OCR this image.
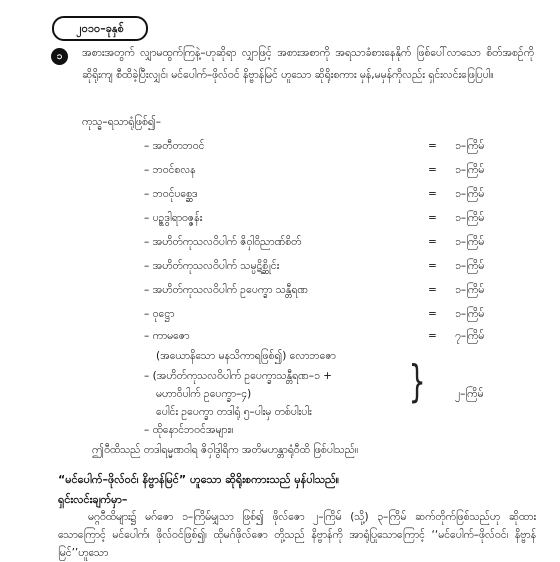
၂၀၁၀–ခုနှစ်
၁	အစားအတွက် လျှာမထွက်ကြနဲ့–ဟုဆိုရာ လျှာဖြင့် အစားအစာကို အရသာခံစားနေနိုက် ဖြစ်ပေါ်လာသော စိတ်အစဉ်ကို ဆိုရိုးကျ စီထိခဲ့ပြီးလျှင်၊ မင်ပေါက်–ဖိုလ်ဝင် နိဗ္ဗာန်မြင် ဟူသော ဆိုရိုးစကား မှန်,မမှန်ကိုလည်း ရှင်းလင်းဖြေပြပါ။
ကုသ္ဓ–ရသာရုံဖြစ်၍–
– အတီတဘဝင်	= ၁–ကြိမ်
– ဘဝင်စလန	= ၁–ကြိမ်
– ဘဝင်ုပစ္ဆေဒ	= ၁–ကြိမ်
– ပဥ္စဒွါရာဝဇ္ဇန်း	= ၁–ကြိမ်
– အဟိတ်ကုသလဝိပါက် ဇိဝှါဝိညာဏ်စိတ်	= ၁–ကြိမ်
– အဟိတ်ကုသလဝိပါက် သမ္ပဋိစ္ဆိုင်း	= ၁–ကြိမ်
– အဟိတ်ကုသလဝိပါက် ဥပေက္ခာ သန္တီရဏ	= ၁–ကြိမ်
– ဝုဋ္ဌော	= ၁–ကြိမ်
– ကာမဇော	= ၇–ကြိမ်
(အယောနိသော မနသိကာရဖြစ်၍) လောဘဇော
– (အဟိတ်ကုသလဝိပါက် ဥပေက္ခာသန္တီရဏ–၁ +
မဟာဝိပါက် ဥပေက္ခာ–၄)
ပေါင်း ဥပေက္ခာ တဒါရုံ ၅–ပါးမှ တစ်ပါးပါး
}	၂–ကြိမ်
– ထိုနောင်ဘဝင်အများ။
ဤဝီထိသည် တဒါရမ္မဏဝါရ ဇိဝှါဒွါရိက အတိမဟန္တာရုံဝီထိ ဖြစ်ပါသည်။
“မင်ပေါက်–ဖိုလ်ဝင်၊ နိဗ္ဗာန်မြင်” ဟူသော ဆိုရိုးစကားသည် မှန်ပါသည်။
ရှင်းလင်းချက်မှာ–
မဂ္ဂဝီထိများ၌ မဂ်ဇော ၁–ကြိမ်မျှသာ ဖြစ်၍ ဖိုလ်ဇော ၂–ကြိမ် (သို့) ၃–ကြိမ် ဆက်တိုက်ဖြစ်သည်ဟု ဆိုထားသောကြောင့် မင်ပေါက်၊ ဖိုလ်ဝင်ဖြစ်၍၊ ထိုမဂ်ဖိုလ်ဇော တို့သည် နိဗ္ဗာန်ကို အာရုံပြုသောကြောင့် ‘‘မင်ပေါက်–ဖိုလ်ဝင်၊ နိဗ္ဗာန်မြင်’’ဟူသော
